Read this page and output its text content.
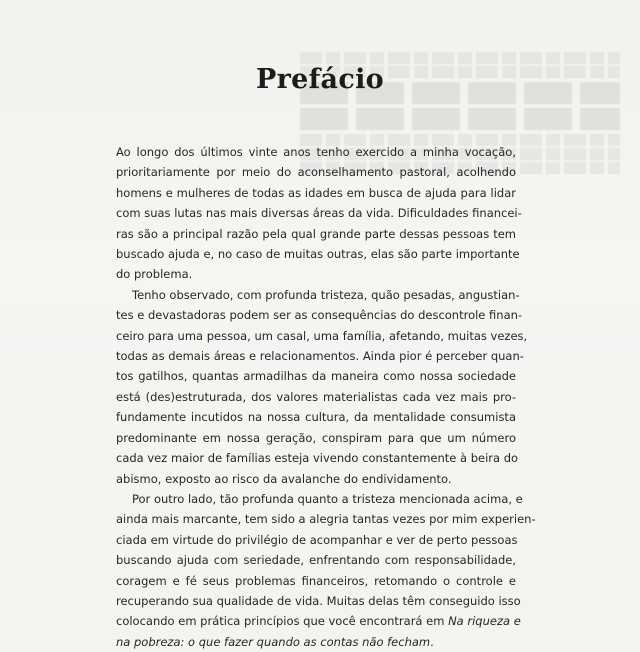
Prefácio

Ao longo dos últimos vinte anos tenho exercido a minha vocação,
prioritariamente por meio do aconselhamento pastoral, acolhendo
homens e mulheres de todas as idades em busca de ajuda para lidar
com suas lutas nas mais diversas áreas da vida. Dificuldades financei-
ras são a principal razão pela qual grande parte dessas pessoas tem
buscado ajuda e, no caso de muitas outras, elas são parte importante
do problema.

Tenho observado, com profunda tristeza, quão pesadas, angustian-
tes e devastadoras podem ser as consequências do descontrole finan-
ceiro para uma pessoa, um casal, uma família, afetando, muitas vezes,
todas as demais áreas e relacionamentos. Ainda pior é perceber quan-
tos gatilhos, quantas armadilhas da maneira como nossa sociedade
está (des)estruturada, dos valores materialistas cada vez mais pro-
fundamente incutidos na nossa cultura, da mentalidade consumista
predominante em nossa geração, conspiram para que um número
cada vez maior de famílias esteja vivendo constantemente à beira do
abismo, exposto ao risco da avalanche do endividamento.

Por outro lado, tão profunda quanto a tristeza mencionada acima, e
ainda mais marcante, tem sido a alegria tantas vezes por mim experien-
ciada em virtude do privilégio de acompanhar e ver de perto pessoas
buscando ajuda com seriedade, enfrentando com responsabilidade,
coragem e fé seus problemas financeiros, retomando o controle e
recuperando sua qualidade de vida. Muitas delas têm conseguido isso
colocando em prática princípios que você encontrará em Na riqueza e
na pobreza: o que fazer quando as contas não fecham.
